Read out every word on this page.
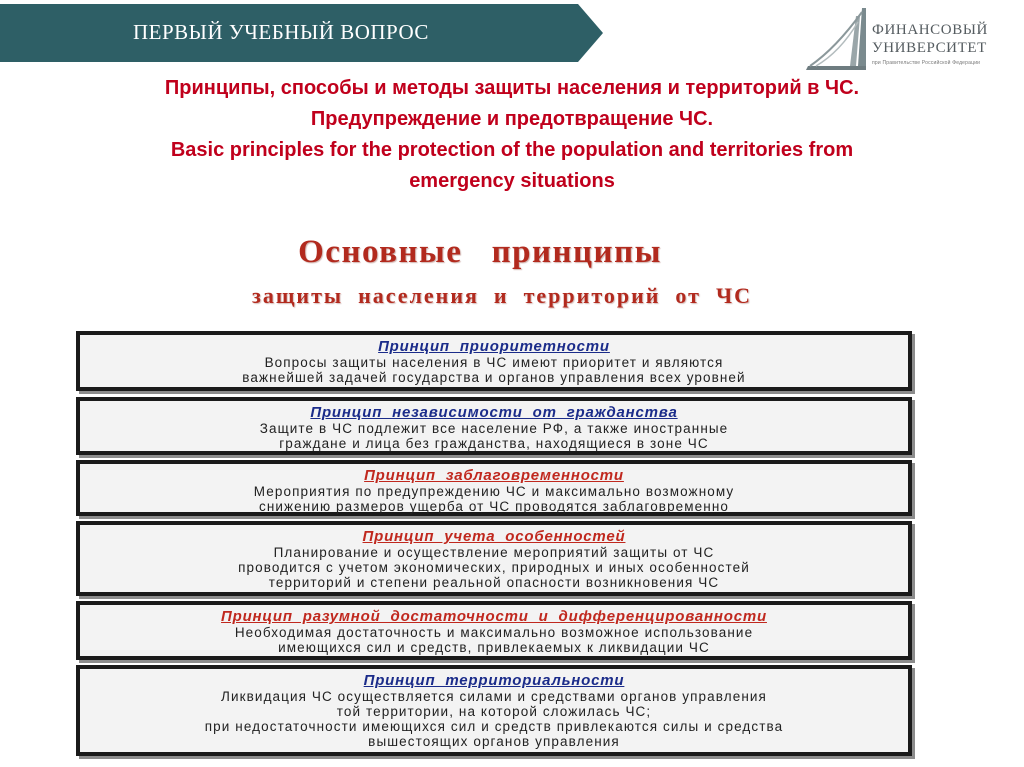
ПЕРВЫЙ УЧЕБНЫЙ ВОПРОС	ФИНАНСОВЫЙ
УНИВЕРСИТЕТ
при Правительстве Российской Федерации
Принципы, способы и методы защиты населения и территорий в ЧС.
Предупреждение и предотвращение ЧС.
Basic principles for the protection of the population and territories from
emergency situations
Основные   принципы
защиты  населения  и  территорий  от  ЧС
Принцип  приоритетности
Вопросы защиты населения в ЧС имеют приоритет и являются
важнейшей задачей государства и органов управления всех уровней
Принцип  независимости  от  гражданства
Защите в ЧС подлежит все население РФ, а также иностранные
граждане и лица без гражданства, находящиеся в зоне ЧС
Принцип  заблаговременности
Мероприятия по предупреждению ЧС и максимально возможному
снижению размеров ущерба от ЧС проводятся заблаговременно
Принцип  учета  особенностей
Планирование и осуществление мероприятий защиты от ЧС
проводится с учетом экономических, природных и иных особенностей
территорий и степени реальной опасности возникновения ЧС
Принцип  разумной  достаточности  и  дифференцированности
Необходимая достаточность и максимально возможное использование
имеющихся сил и средств, привлекаемых к ликвидации ЧС
Принцип  территориальности
Ликвидация ЧС осуществляется силами и средствами органов управления
той территории, на которой сложилась ЧС;
при недостаточности имеющихся сил и средств привлекаются силы и средства
вышестоящих органов управления
